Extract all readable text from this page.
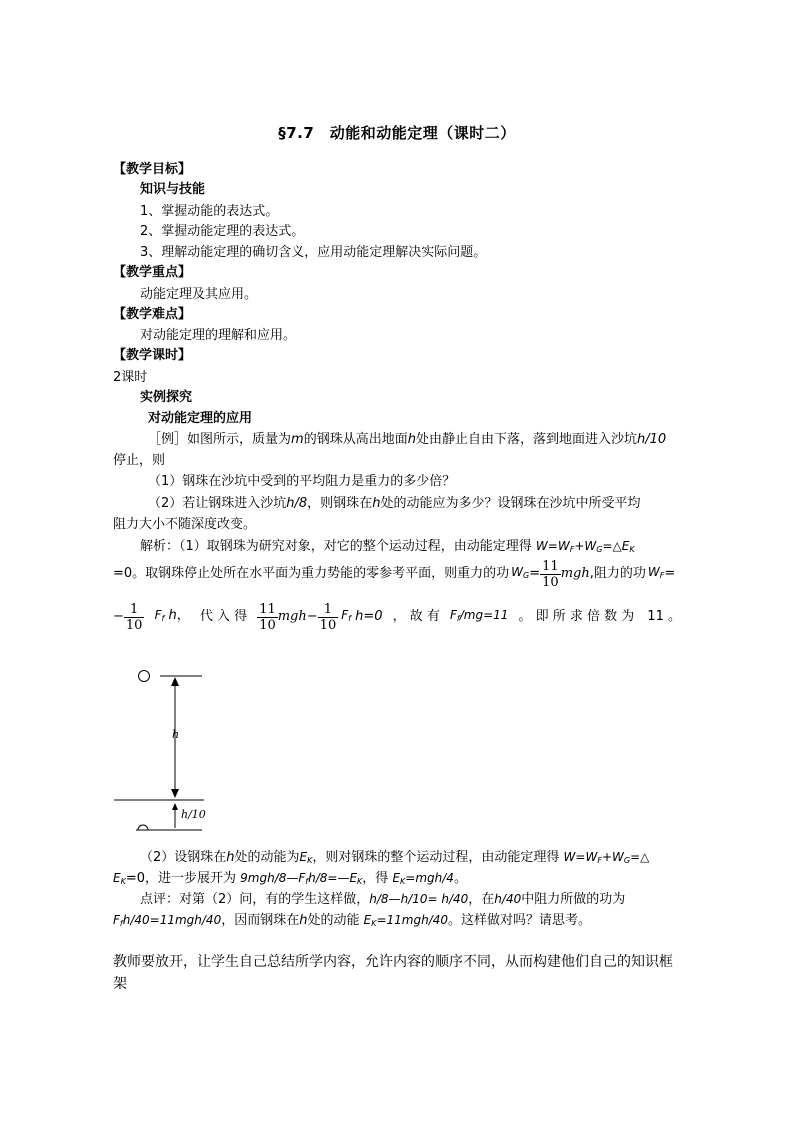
§7.7　动能和动能定理（课时二）
【教学目标】
知识与技能
1、掌握动能的表达式。
2、掌握动能定理的表达式。
3、理解动能定理的确切含义，应用动能定理解决实际问题。
【教学重点】
动能定理及其应用。
【教学难点】
对动能定理的理解和应用。
【教学课时】
2课时
实例探究
对动能定理的应用
［例］如图所示，质量为m的钢珠从高出地面h处由静止自由下落，落到地面进入沙坑h/10
停止，则
（1）钢珠在沙坑中受到的平均阻力是重力的多少倍？
（2）若让钢珠进入沙坑h/8，则钢珠在h处的动能应为多少？设钢珠在沙坑中所受平均
阻力大小不随深度改变。
解析：（1）取钢珠为研究对象，对它的整个运动过程，由动能定理得 $W=W_F+W_G=\triangle E_K$
=0。取钢珠停止处所在水平面为重力势能的零参考平面，则重力的功 $W_G = \frac{11}{10}$ mgh ,阻力的功 $W_F$ =
− $\frac{1}{10} F_f$ h， 代 入 得 $\frac{11}{10}$ mgh − $\frac{1}{10} F_f$
h=0 ， 故 有 $F_f/mg=11$ 。 即 所 求 倍 数 为　11 。
h
h/10
（2）设钢珠在h处的动能为$E_K$，则对钢珠的整个运动过程，由动能定理得 $W=W_F+W_G=\triangle$
$E_K=0$，进一步展开为 $9mgh/8—F_fh/8=—E_K$，得 $E_K=mgh/4$。
点评：对第（2）问，有的学生这样做，h/8—h/10= h/40，在h/40中阻力所做的功为
$F_fh/40=11mgh/40$，因而钢珠在h处的动能 $E_K=11mgh/40$。这样做对吗？请思考。
教师要放开，让学生自己总结所学内容，允许内容的顺序不同，从而构建他们自己的知识框
架
